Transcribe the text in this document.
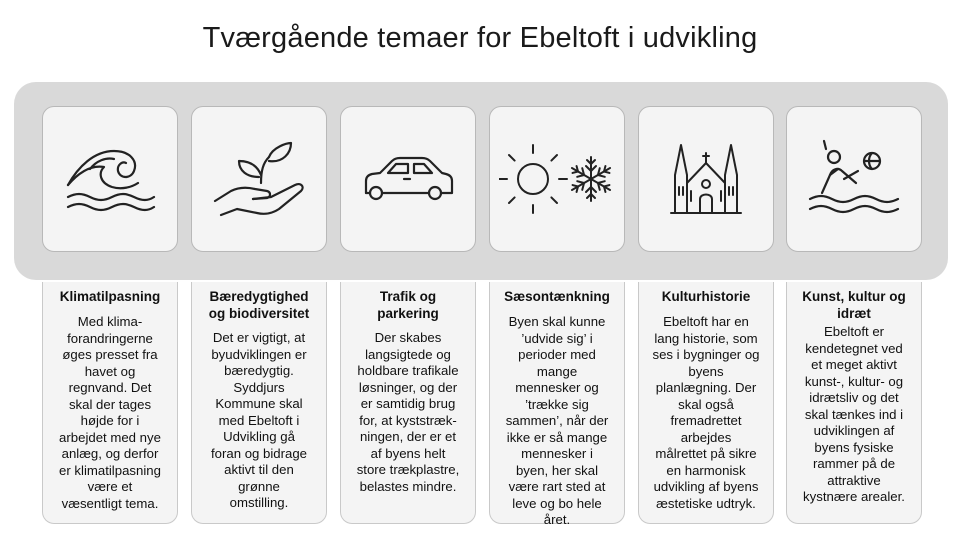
Tværgående temaer for Ebeltoft i udvikling
Klimatilpasning
Med klima-
forandringerne
øges presset fra
havet og
regnvand. Det
skal der tages
højde for i
arbejdet med nye
anlæg, og derfor
er klimatilpasning
være et
væsentligt tema.
Bæredygtighed
og biodiversitet
Det er vigtigt, at
byudviklingen er
bæredygtig.
Syddjurs
Kommune skal
med Ebeltoft i
Udvikling gå
foran og bidrage
aktivt til den
grønne
omstilling.
Trafik og
parkering
Der skabes
langsigtede og
holdbare trafikale
løsninger, og der
er samtidig brug
for, at kyststræk-
ningen, der er et
af byens helt
store trækplastre,
belastes mindre.
Sæsontænkning
Byen skal kunne
’udvide sig’ i
perioder med
mange
mennesker og
’trække sig
sammen’, når der
ikke er så mange
mennesker i
byen, her skal
være rart sted at
leve og bo hele
året.
Kulturhistorie
Ebeltoft har en
lang historie, som
ses i bygninger og
byens
planlægning. Der
skal også
fremadrettet
arbejdes
målrettet på sikre
en harmonisk
udvikling af byens
æstetiske udtryk.
Kunst, kultur og
idræt
Ebeltoft er
kendetegnet ved
et meget aktivt
kunst-, kultur- og
idrætsliv og det
skal tænkes ind i
udviklingen af
byens fysiske
rammer på de
attraktive
kystnære arealer.
